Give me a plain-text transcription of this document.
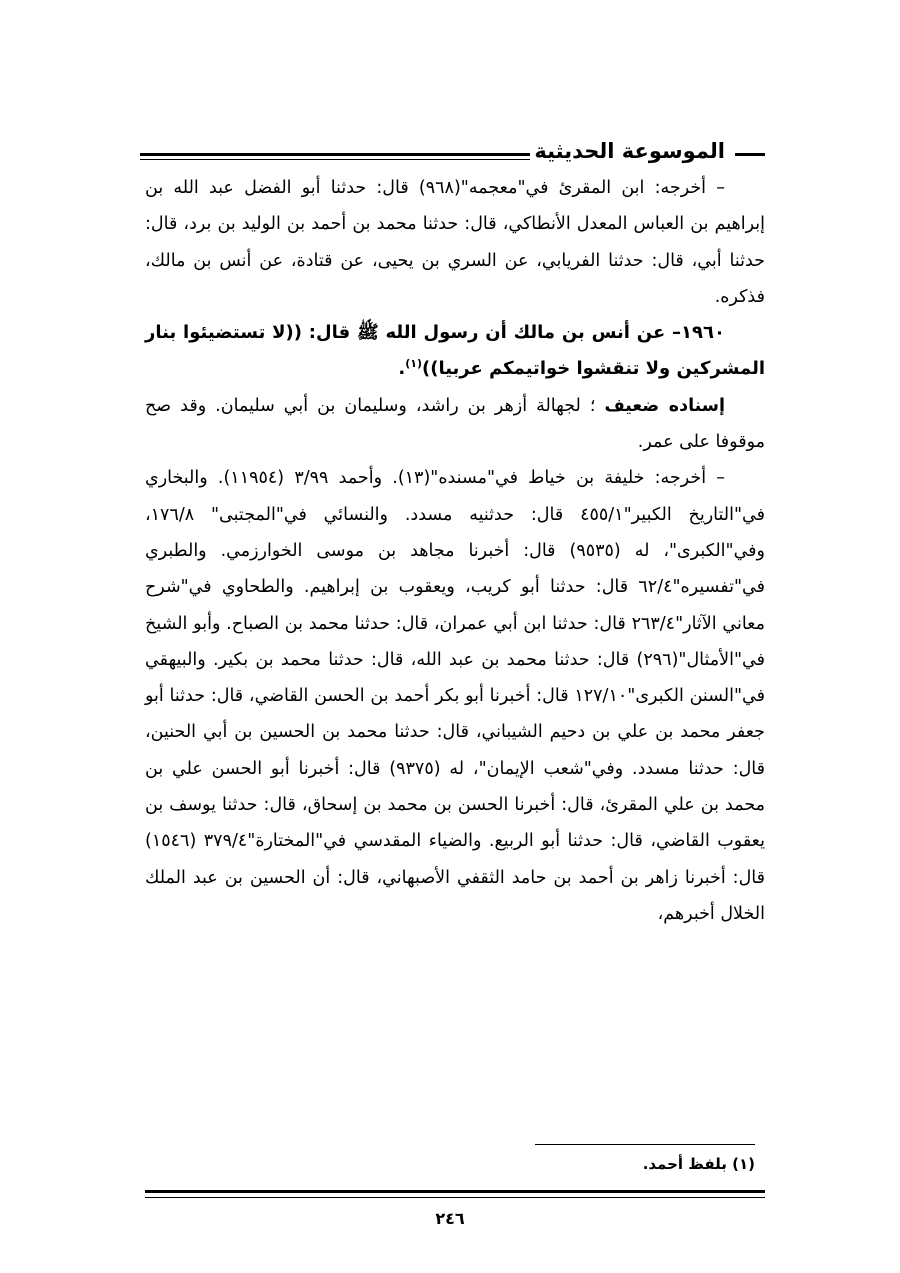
الموسوعة الحديثية

– أخرجه: ابن المقرئ في"معجمه"(٩٦٨) قال: حدثنا أبو الفضل عبد الله بن إبراهيم بن العباس المعدل الأنطاكي، قال: حدثنا محمد بن أحمد بن الوليد بن برد، قال: حدثنا أبي، قال: حدثنا الفريابي، عن السري بن يحيى، عن قتادة، عن أنس بن مالك، فذكره.

١٩٦٠– عن أنس بن مالك أن رسول الله ﷺ قال: ((لا تستضيئوا بنار المشركين ولا تنقشوا خواتيمكم عربيا))$^{(١)}$.

إسناده ضعيف ؛ لجهالة أزهر بن راشد، وسليمان بن أبي سليمان. وقد صح موقوفا على عمر.

– أخرجه: خليفة بن خياط في"مسنده"(١٣). وأحمد ٣/٩٩ (١١٩٥٤). والبخاري في"التاريخ الكبير"٤٥٥/١ قال: حدثنيه مسدد. والنسائي في"المجتبى" ١٧٦/٨، وفي"الكبرى"، له (٩٥٣٥) قال: أخبرنا مجاهد بن موسى الخوارزمي. والطبري في"تفسيره"٦٢/٤ قال: حدثنا أبو كريب، ويعقوب بن إبراهيم. والطحاوي في"شرح معاني الآثار"٢٦٣/٤ قال: حدثنا ابن أبي عمران، قال: حدثنا محمد بن الصباح. وأبو الشيخ في"الأمثال"(٢٩٦) قال: حدثنا محمد بن عبد الله، قال: حدثنا محمد بن بكير. والبيهقي في"السنن الكبرى"١٢٧/١٠ قال: أخبرنا أبو بكر أحمد بن الحسن القاضي، قال: حدثنا أبو جعفر محمد بن علي بن دحيم الشيباني، قال: حدثنا محمد بن الحسين بن أبي الحنين، قال: حدثنا مسدد. وفي"شعب الإيمان"، له (٩٣٧٥) قال: أخبرنا أبو الحسن علي بن محمد بن علي المقرئ، قال: أخبرنا الحسن بن محمد بن إسحاق، قال: حدثنا يوسف بن يعقوب القاضي، قال: حدثنا أبو الربيع. والضياء المقدسي في"المختارة"٣٧٩/٤ (١٥٤٦) قال: أخبرنا زاهر بن أحمد بن حامد الثقفي الأصبهاني، قال: أن الحسين بن عبد الملك الخلال أخبرهم،

(١) بلفظ أحمد.
٢٤٦
